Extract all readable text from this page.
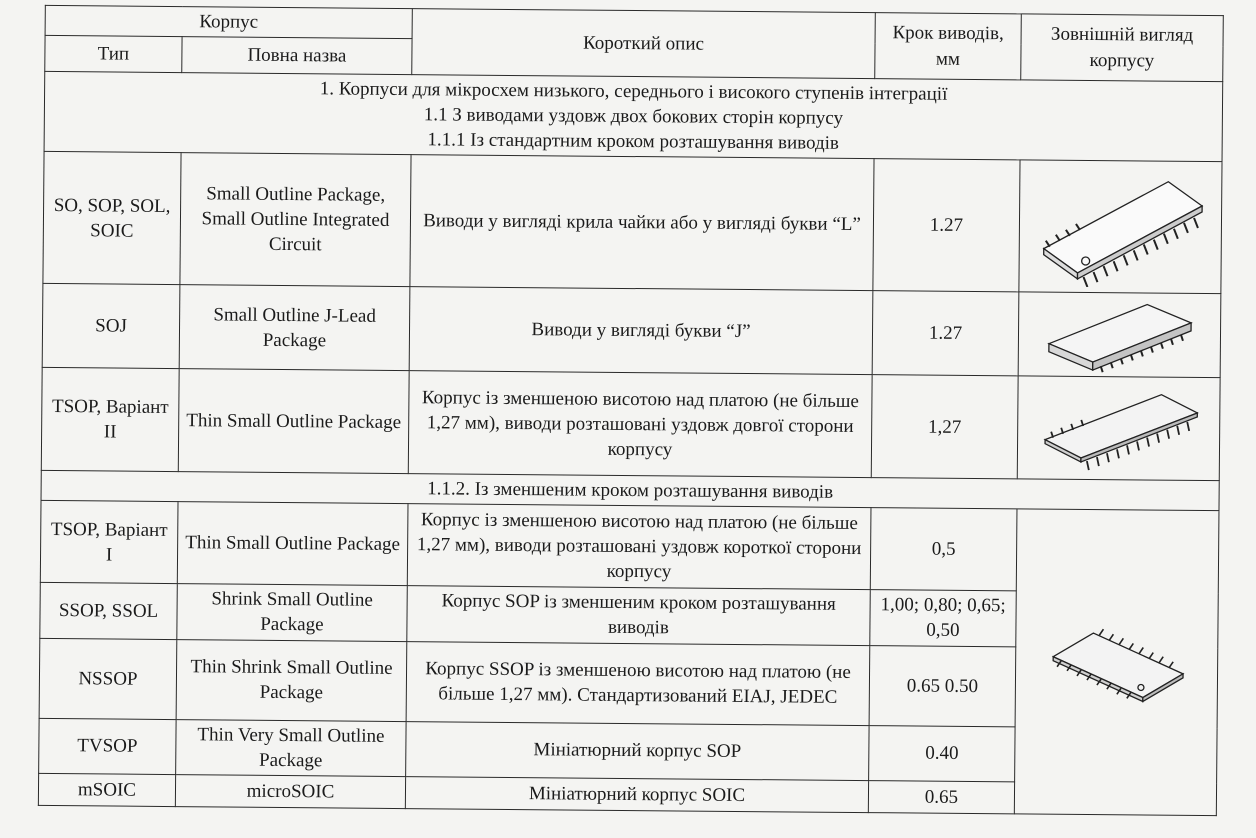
Корпус		Короткий опис	Крок виводів, мм	Зовнішній вигляд корпусу
Тип	Повна назва			

1. Корпуси для мікросхем низького, середнього і високого ступенів інтеграції
1.1 З виводами уздовж двох бокових сторін корпусу
1.1.1 Із стандартним кроком розташування виводів				

SO, SOP, SOL, SOIC	Small Outline Package, Small Outline Integrated Circuit	Виводи у вигляді крила чайки або у вигляді букви “L”	1.27	

SOJ	Small Outline J-Lead Package	Виводи у вигляді букви “J”	1.27	

TSOP, Варіант II	Thin Small Outline Package	Корпус із зменшеною висотою над платою (не більше 1,27 мм), виводи розташовані уздовж довгої сторони корпусу	1,27	

1.1.2. Із зменшеним кроком розташування виводів				
TSOP, Варіант I	Thin Small Outline Package	Корпус із зменшеною висотою над платою (не більше 1,27 мм), виводи розташовані уздовж короткої сторони корпусу	0,5	

SSOP, SSOL	Shrink Small Outline Package	Корпус SOP із зменшеним кроком розташування виводів	1,00; 0,80; 0,65; 0,50	
NSSOP	Thin Shrink Small Outline Package	Корпус SSOP із зменшеною висотою над платою (не більше 1,27 мм). Стандартизований EIAJ, JEDEC	0.65 0.50	
TVSOP	Thin Very Small Outline Package	Мініатюрний корпус SOP	0.40	
mSOIC	microSOIC	Мініатюрний корпус SOIC	0.65	
